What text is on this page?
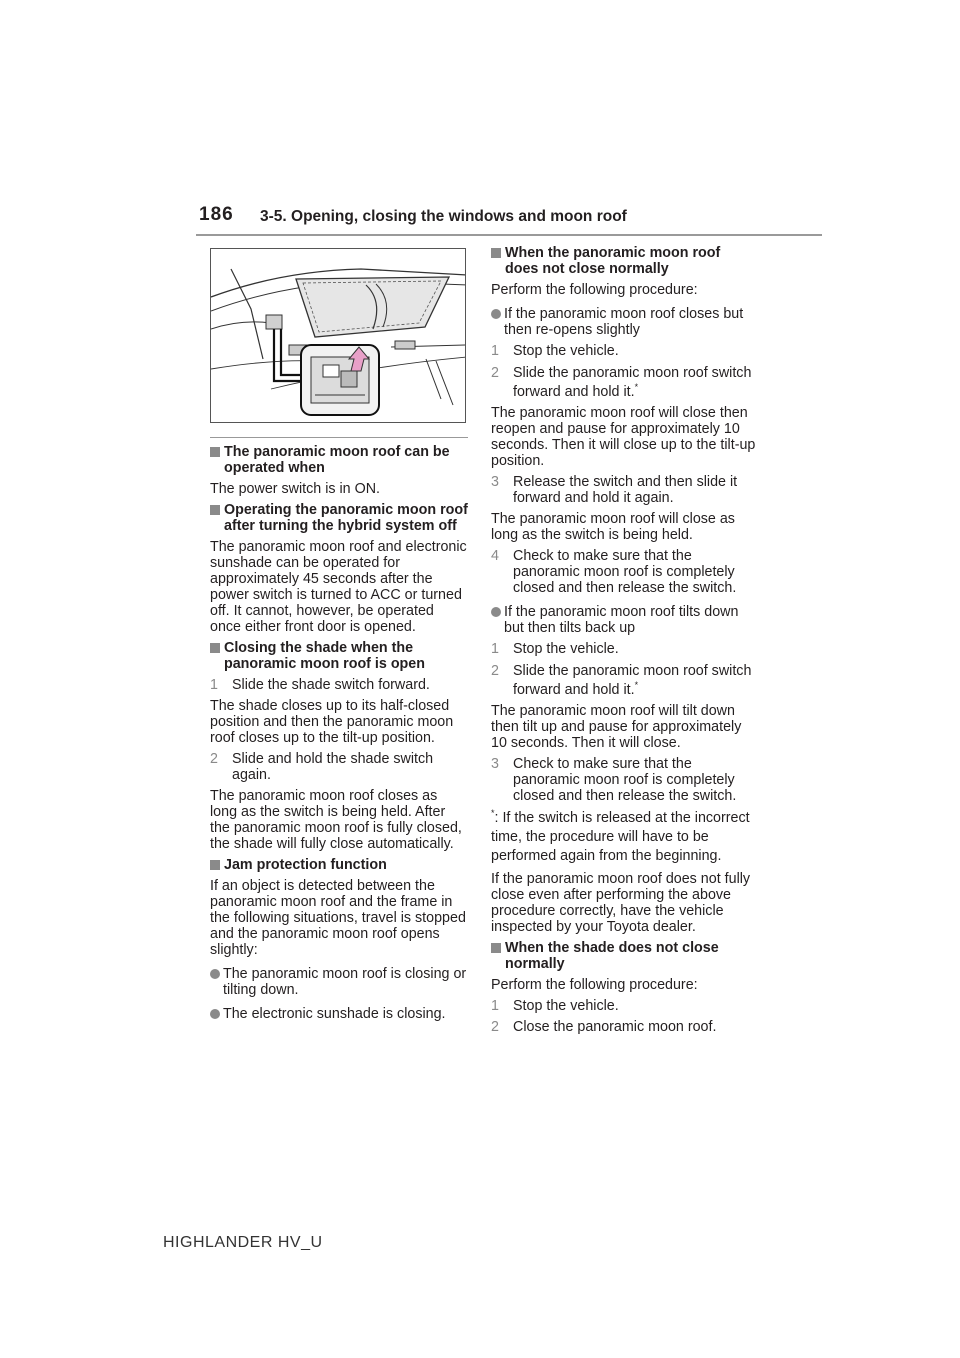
186 3-5. Opening, closing the windows and moon roof
The panoramic moon roof can be operated when

The power switch is in ON.

Operating the panoramic moon roof after turning the hybrid system off

The panoramic moon roof and electronic sunshade can be operated for approximately 45 seconds after the power switch is turned to ACC or turned off. It cannot, however, be operated once either front door is opened.

Closing the shade when the panoramic moon roof is open
1 Slide the shade switch forward.

The shade closes up to its half-closed position and then the panoramic moon roof closes up to the tilt-up position.

2 Slide and hold the shade switch again.

The panoramic moon roof closes as long as the switch is being held. After the panoramic moon roof is fully closed, the shade will fully close automatically.

Jam protection function

If an object is detected between the panoramic moon roof and the frame in the following situations, travel is stopped and the panoramic moon roof opens slightly:

The panoramic moon roof is closing or tilting down.
The electronic sunshade is closing.
When the panoramic moon roof does not close normally

Perform the following procedure:

If the panoramic moon roof closes but then re-opens slightly
1 Stop the vehicle.
2 Slide the panoramic moon roof switch forward and hold it.*

The panoramic moon roof will close then reopen and pause for approximately 10 seconds. Then it will close up to the tilt-up position.

3 Release the switch and then slide it forward and hold it again.

The panoramic moon roof will close as long as the switch is being held.

4 Check to make sure that the panoramic moon roof is completely closed and then release the switch.
If the panoramic moon roof tilts down but then tilts back up
1 Stop the vehicle.
2 Slide the panoramic moon roof switch forward and hold it.*

The panoramic moon roof will tilt down then tilt up and pause for approximately 10 seconds. Then it will close.

3 Check to make sure that the panoramic moon roof is completely closed and then release the switch.
*: If the switch is released at the incorrect time, the procedure will have to be performed again from the beginning.

If the panoramic moon roof does not fully close even after performing the above procedure correctly, have the vehicle inspected by your Toyota dealer.

When the shade does not close normally

Perform the following procedure:

1 Stop the vehicle.
2 Close the panoramic moon roof.
HIGHLANDER HV_U
